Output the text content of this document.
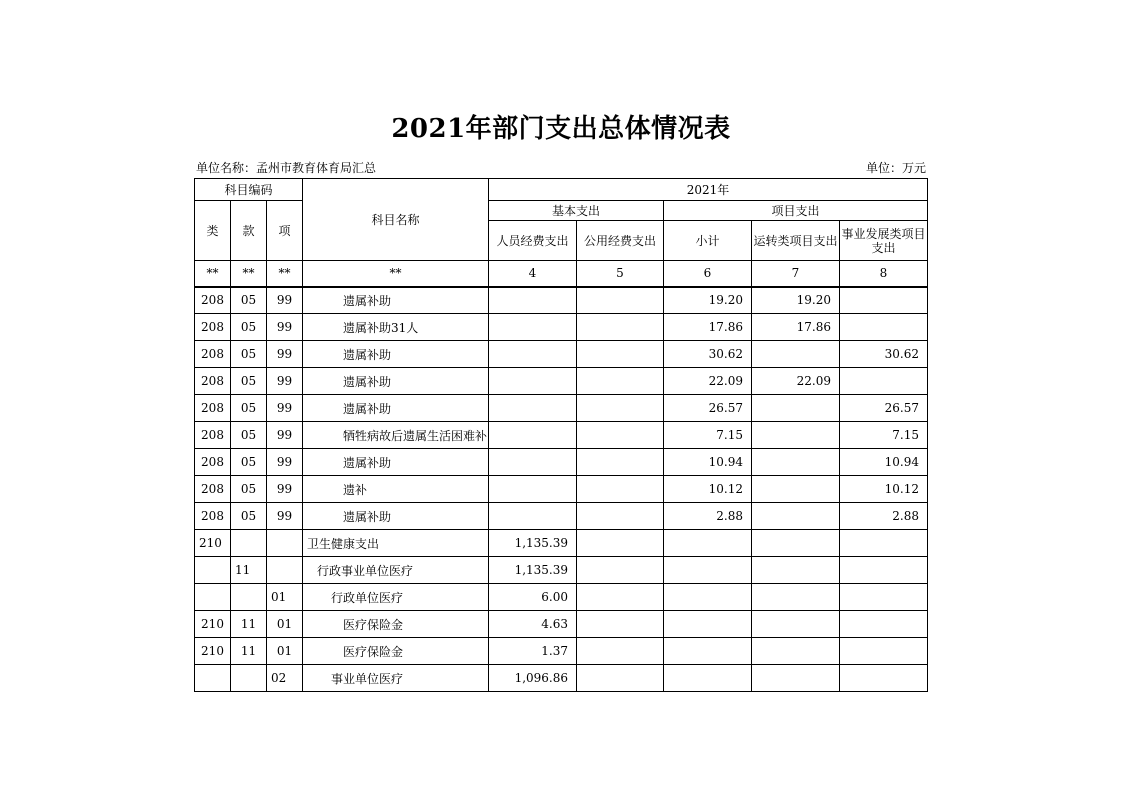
2021年部门支出总体情况表
单位名称：孟州市教育体育局汇总	单位：万元
科目编码			科目名称	2021年				
类	款	项		基本支出		项目支出		
				人员经费支出	公用经费支出	小计	运转类项目支出	事业发展类项目支出
**	**	**	**	4	5	6	7	8
208	05	99	遗属补助			19.20	19.20	
208	05	99	遗属补助31人			17.86	17.86	
208	05	99	遗属补助			30.62		30.62
208	05	99	遗属补助			22.09	22.09	
208	05	99	遗属补助			26.57		26.57
208	05	99	牺牲病故后遗属生活困难补			7.15		7.15
208	05	99	遗属补助			10.94		10.94
208	05	99	遗补			10.12		10.12
208	05	99	遗属补助			2.88		2.88
210			卫生健康支出	1,135.39				
	11		行政事业单位医疗	1,135.39				
		01	行政单位医疗	6.00				
210	11	01	医疗保险金	4.63				
210	11	01	医疗保险金	1.37				
		02	事业单位医疗	1,096.86				
